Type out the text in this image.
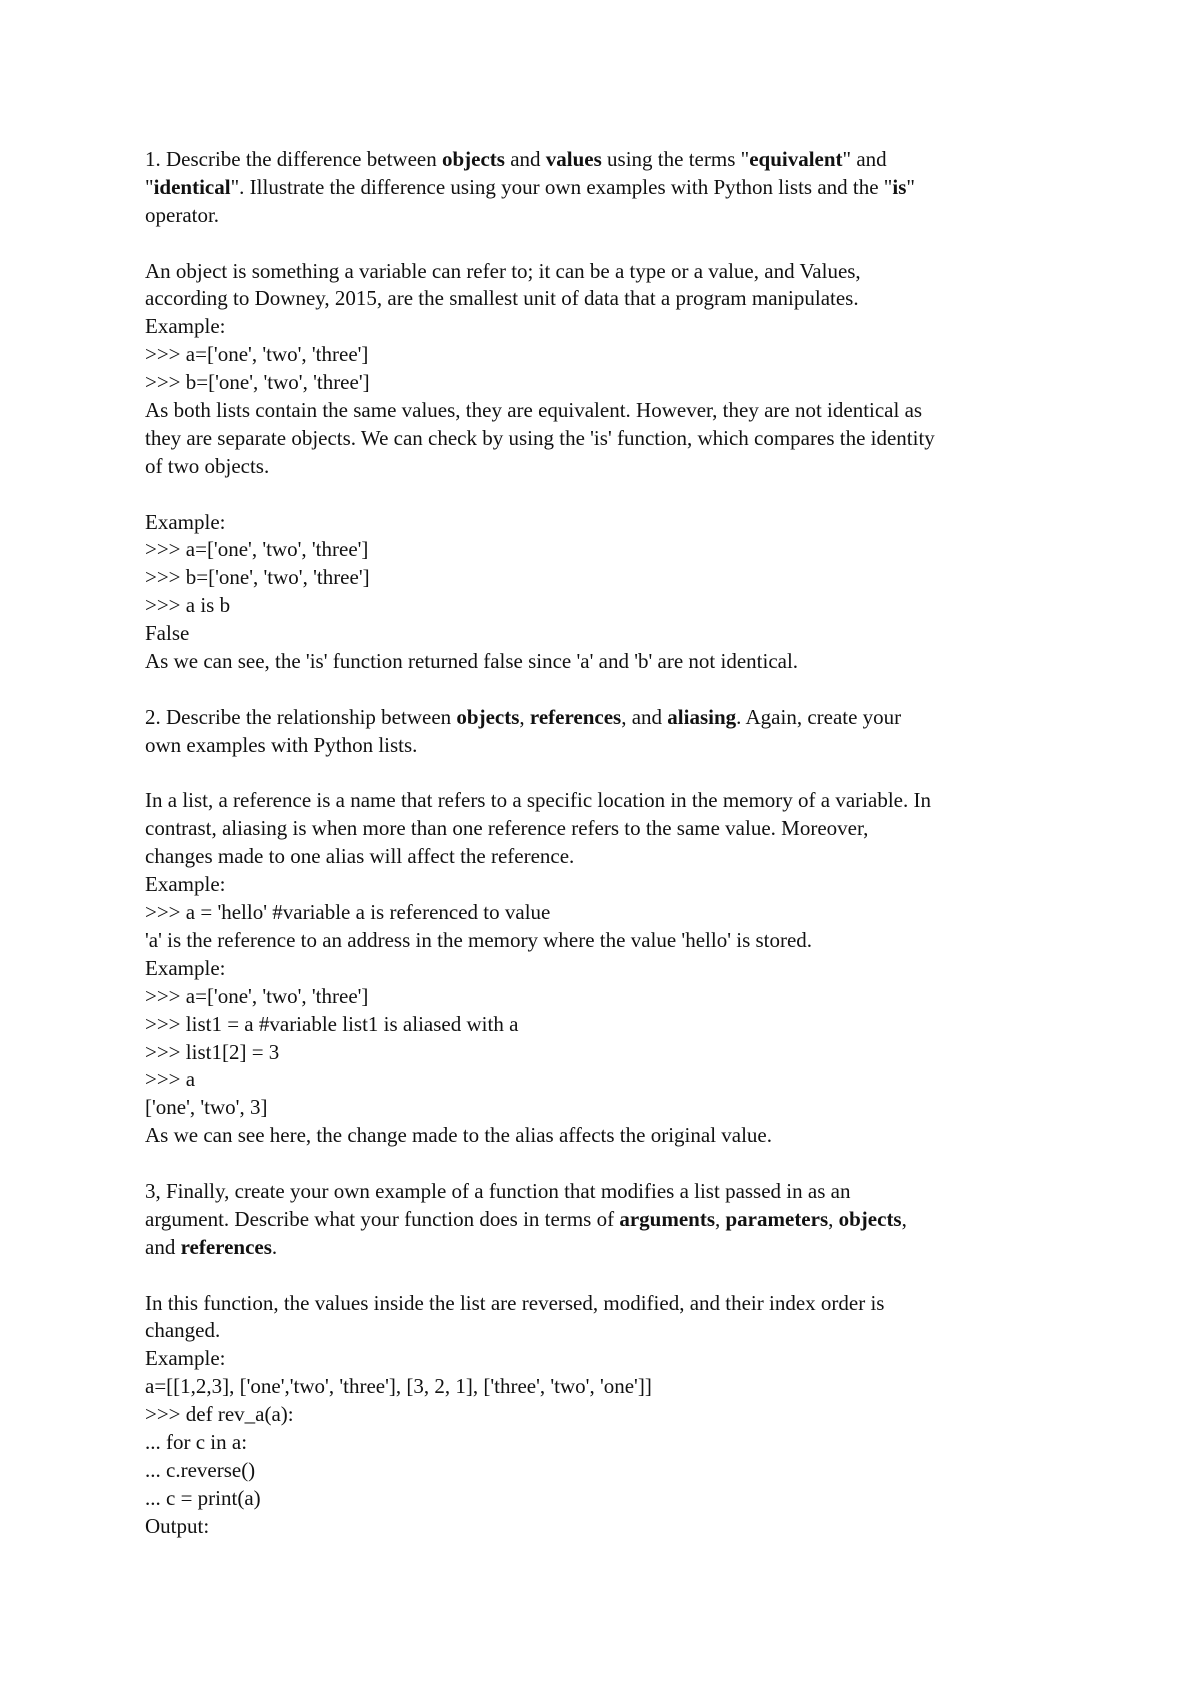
1. Describe the difference between objects and values using the terms "equivalent" and
"identical". Illustrate the difference using your own examples with Python lists and the "is"
operator.
An object is something a variable can refer to; it can be a type or a value, and Values,
according to Downey, 2015, are the smallest unit of data that a program manipulates.
Example:
>>> a=['one', 'two', 'three']
>>> b=['one', 'two', 'three']
As both lists contain the same values, they are equivalent. However, they are not identical as
they are separate objects. We can check by using the 'is' function, which compares the identity
of two objects.
Example:
>>> a=['one', 'two', 'three']
>>> b=['one', 'two', 'three']
>>> a is b
False
As we can see, the 'is' function returned false since 'a' and 'b' are not identical.
2. Describe the relationship between objects, references, and aliasing. Again, create your
own examples with Python lists.
In a list, a reference is a name that refers to a specific location in the memory of a variable. In
contrast, aliasing is when more than one reference refers to the same value. Moreover,
changes made to one alias will affect the reference.
Example:
>>> a = 'hello' #variable a is referenced to value
'a' is the reference to an address in the memory where the value 'hello' is stored.
Example:
>>> a=['one', 'two', 'three']
>>> list1 = a #variable list1 is aliased with a
>>> list1[2] = 3
>>> a
['one', 'two', 3]
As we can see here, the change made to the alias affects the original value.
3, Finally, create your own example of a function that modifies a list passed in as an
argument. Describe what your function does in terms of arguments, parameters, objects,
and references.
In this function, the values inside the list are reversed, modified, and their index order is
changed.
Example:
a=[[1,2,3], ['one','two', 'three'], [3, 2, 1], ['three', 'two', 'one']]
>>> def rev_a(a):
... for c in a:
... c.reverse()
... c = print(a)
Output:
